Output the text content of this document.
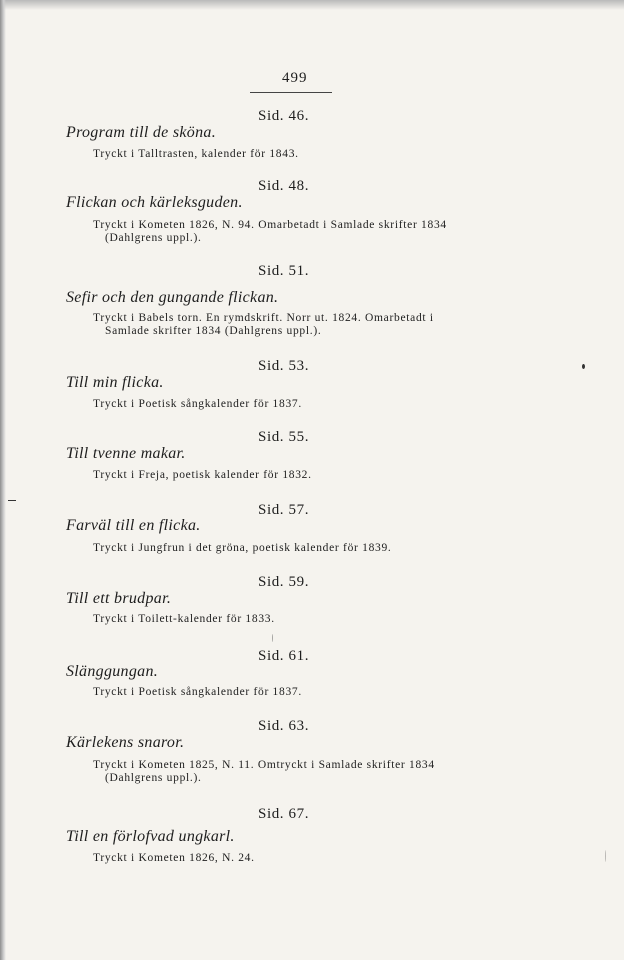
499
Sid. 46.
Program till de sköna.
Tryckt i Talltrasten, kalender för 1843.
Sid. 48.
Flickan och kärleksguden.
Tryckt i Kometen 1826, N. 94. Omarbetadt i Samlade skrifter 1834
(Dahlgrens uppl.).
Sid. 51.
Sefir och den gungande flickan.
Tryckt i Babels torn. En rymdskrift. Norr ut. 1824. Omarbetadt i
Samlade skrifter 1834 (Dahlgrens uppl.).
Sid. 53.
Till min flicka.
Tryckt i Poetisk sångkalender för 1837.
Sid. 55.
Till tvenne makar.
Tryckt i Freja, poetisk kalender för 1832.
Sid. 57.
Farväl till en flicka.
Tryckt i Jungfrun i det gröna, poetisk kalender för 1839.
Sid. 59.
Till ett brudpar.
Tryckt i Toilett-kalender för 1833.
Sid. 61.
Slänggungan.
Tryckt i Poetisk sångkalender för 1837.
Sid. 63.
Kärlekens snaror.
Tryckt i Kometen 1825, N. 11. Omtryckt i Samlade skrifter 1834
(Dahlgrens uppl.).
Sid. 67.
Till en förlofvad ungkarl.
Tryckt i Kometen 1826, N. 24.
